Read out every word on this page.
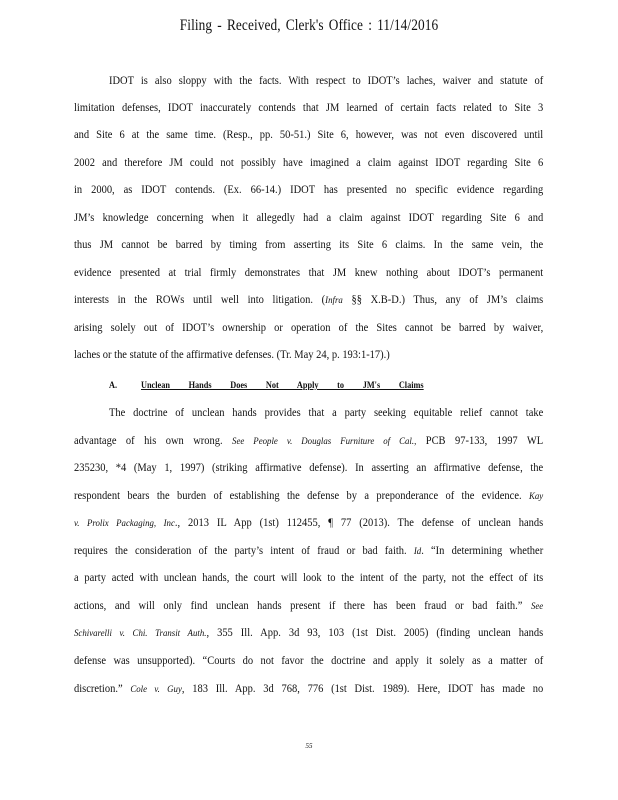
Filing - Received, Clerk's Office : 11/14/2016
IDOT is also sloppy with the facts. With respect to IDOT’s laches, waiver and statute of
limitation defenses, IDOT inaccurately contends that JM learned of certain facts related to Site 3
and Site 6 at the same time. (Resp., pp. 50-51.) Site 6, however, was not even discovered until
2002 and therefore JM could not possibly have imagined a claim against IDOT regarding Site 6
in 2000, as IDOT contends. (Ex. 66-14.) IDOT has presented no specific evidence regarding
JM’s knowledge concerning when it allegedly had a claim against IDOT regarding Site 6 and
thus JM cannot be barred by timing from asserting its Site 6 claims. In the same vein, the
evidence presented at trial firmly demonstrates that JM knew nothing about IDOT’s permanent
interests in the ROWs until well into litigation. (Infra §§ X.B-D.) Thus, any of JM’s claims
arising solely out of IDOT’s ownership or operation of the Sites cannot be barred by waiver,
laches or the statute of the affirmative defenses. (Tr. May 24, p. 193:1-17).)
A.	Unclean Hands Does Not Apply to JM's Claims
The doctrine of unclean hands provides that a party seeking equitable relief cannot take
advantage of his own wrong. See People v. Douglas Furniture of Cal., PCB 97-133, 1997 WL
235230, *4 (May 1, 1997) (striking affirmative defense). In asserting an affirmative defense, the
respondent bears the burden of establishing the defense by a preponderance of the evidence. Kay
v. Prolix Packaging, Inc., 2013 IL App (1st) 112455, ¶ 77 (2013). The defense of unclean hands
requires the consideration of the party’s intent of fraud or bad faith. Id. “In determining whether
a party acted with unclean hands, the court will look to the intent of the party, not the effect of its
actions, and will only find unclean hands present if there has been fraud or bad faith.” See
Schivarelli v. Chi. Transit Auth., 355 Ill. App. 3d 93, 103 (1st Dist. 2005) (finding unclean hands
defense was unsupported). “Courts do not favor the doctrine and apply it solely as a matter of
discretion.” Cole v. Guy, 183 Ill. App. 3d 768, 776 (1st Dist. 1989). Here, IDOT has made no
55
